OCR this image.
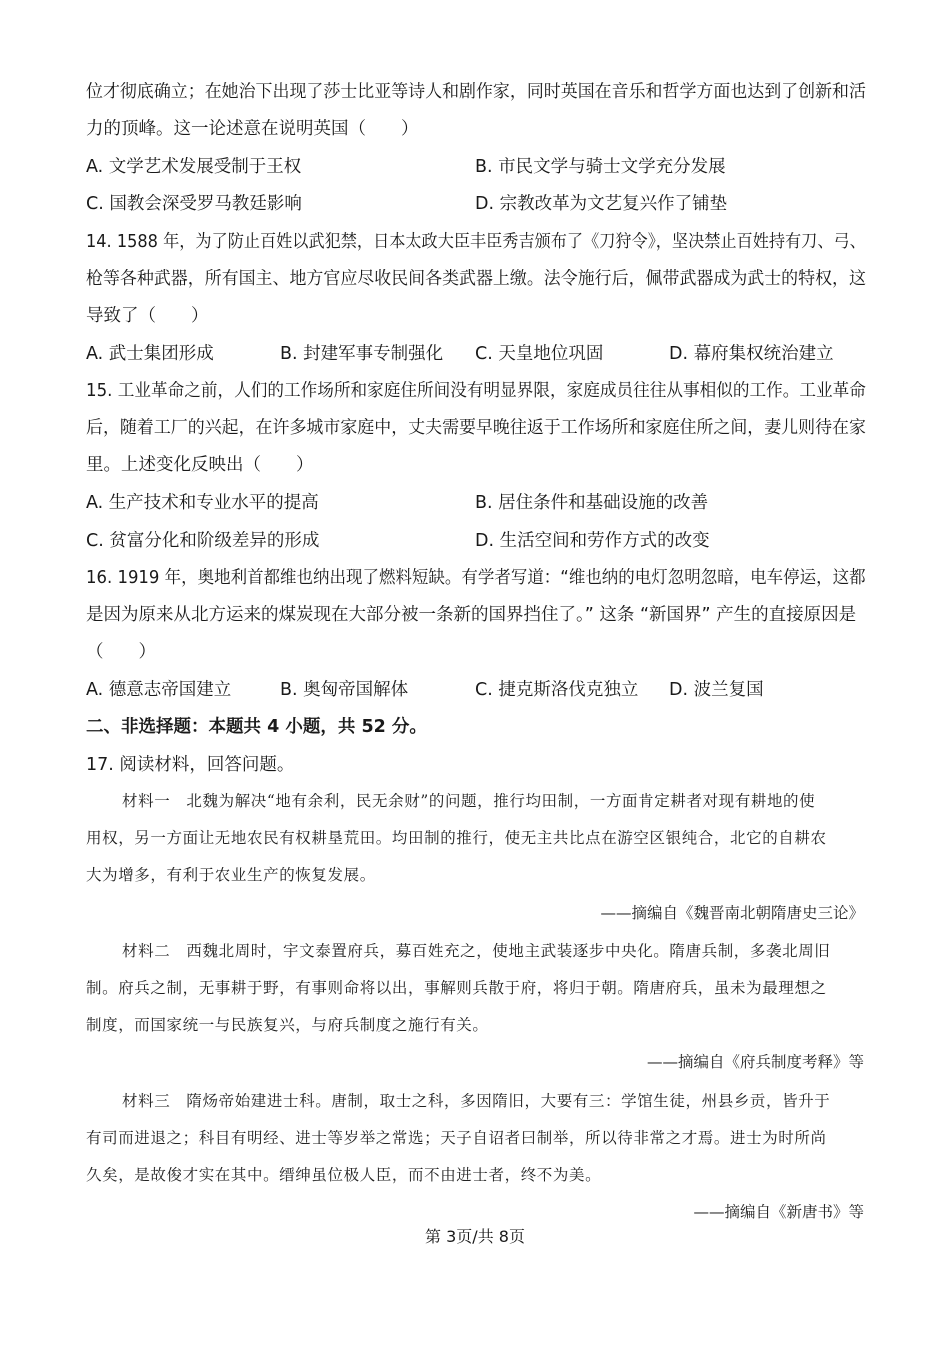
位才彻底确立；在她治下出现了莎士比亚等诗人和剧作家，同时英国在音乐和哲学方面也达到了创新和活
力的顶峰。这一论述意在说明英国（　　）
A. 文学艺术发展受制于王权	B. 市民文学与骑士文学充分发展
C. 国教会深受罗马教廷影响	D. 宗教改革为文艺复兴作了铺垫
14. 1588 年，为了防止百姓以武犯禁，日本太政大臣丰臣秀吉颁布了《刀狩令》，坚决禁止百姓持有刀、弓、
枪等各种武器，所有国主、地方官应尽收民间各类武器上缴。法令施行后，佩带武器成为武士的特权，这
导致了（　　）
A. 武士集团形成	B. 封建军事专制强化 C. 天皇地位巩固	D. 幕府集权统治建立
15. 工业革命之前，人们的工作场所和家庭住所间没有明显界限，家庭成员往往从事相似的工作。工业革命
后，随着工厂的兴起，在许多城市家庭中，丈夫需要早晚往返于工作场所和家庭住所之间，妻儿则待在家
里。上述变化反映出（　　）
A. 生产技术和专业水平的提高	B. 居住条件和基础设施的改善
C. 贫富分化和阶级差异的形成	D. 生活空间和劳作方式的改变
16. 1919 年，奥地利首都维也纳出现了燃料短缺。有学者写道：“维也纳的电灯忽明忽暗，电车停运，这都
是因为原来从北方运来的煤炭现在大部分被一条新的国界挡住了。” 这条 “新国界” 产生的直接原因是
（　　）
A. 德意志帝国建立	B. 奥匈帝国解体	C. 捷克斯洛伐克独立 D. 波兰复国
二、非选择题：本题共 4 小题，共 52 分。
17. 阅读材料，回答问题。
材料一　北魏为解决“地有余利，民无余财”的问题，推行均田制，一方面肯定耕者对现有耕地的使
用权，另一方面让无地农民有权耕垦荒田。均田制的推行，使无主共比点在游空区银纯合，北它的自耕农
大为增多，有利于农业生产的恢复发展。
——摘编自《魏晋南北朝隋唐史三论》
材料二　西魏北周时，宇文泰置府兵，募百姓充之，使地主武装逐步中央化。隋唐兵制，多袭北周旧
制。府兵之制，无事耕于野，有事则命将以出，事解则兵散于府，将归于朝。隋唐府兵，虽未为最理想之
制度，而国家统一与民族复兴，与府兵制度之施行有关。
——摘编自《府兵制度考释》等
材料三　隋炀帝始建进士科。唐制，取士之科，多因隋旧，大要有三：学馆生徒，州县乡贡，皆升于
有司而进退之；科目有明经、进士等岁举之常选；天子自诏者曰制举，所以待非常之才焉。进士为时所尚
久矣，是故俊才实在其中。缙绅虽位极人臣，而不由进士者，终不为美。
——摘编自《新唐书》等
第 3页/共 8页
